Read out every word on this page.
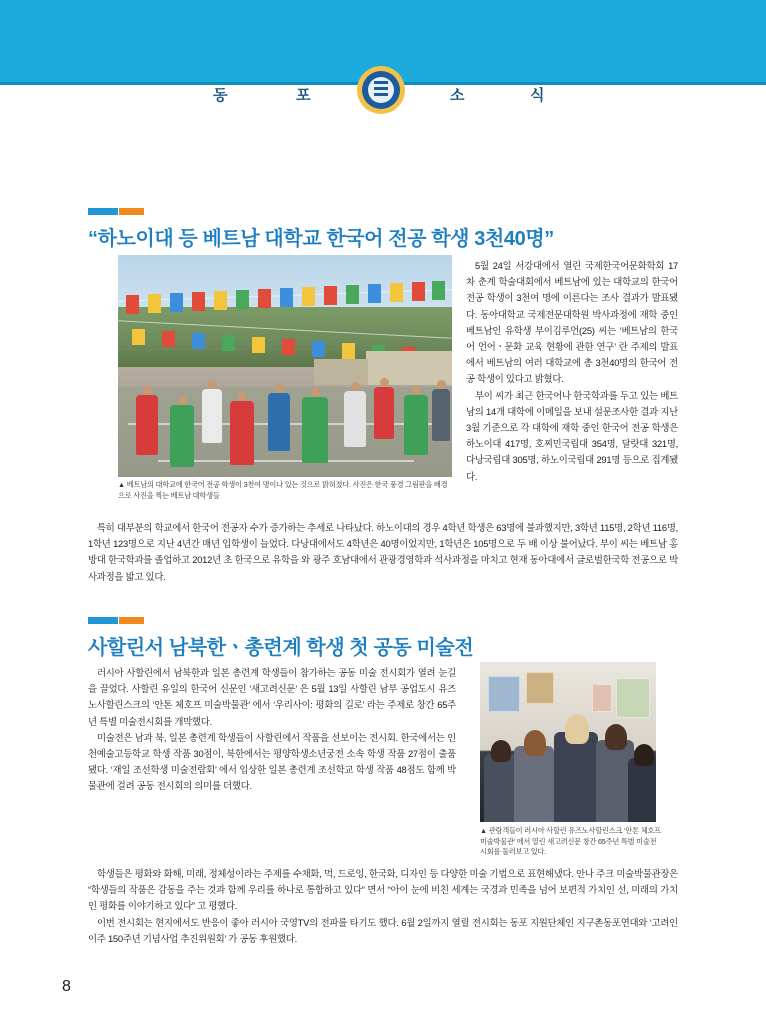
동	포	소	식
“하노이대 등 베트남 대학교 한국어 전공 학생 3천40명”
▲ 베트남의 대학교에 한국어 전공 학생이 3천여 명이나 있는 것으로 밝혀졌다. 사진은 한국 풍경 그림판을 배경으로 사진을 찍는 베트남 대학생들

5월 24일 서강대에서 열린 국제한국어문화학회 17차 춘계 학술대회에서 베트남에 있는 대학교의 한국어 전공 학생이 3천여 명에 이른다는 조사 결과가 발표됐다. 동아대학교 국제전문대학원 박사과정에 재학 중인 베트남인 유학생 부이김루언(25) 씨는 ‘베트남의 한국어 언어ㆍ문화 교육 현황에 관한 연구’ 란 주제의 발표에서 베트남의 여러 대학교에 총 3천40명의 한국어 전공 학생이 있다고 밝혔다.

부이 씨가 최근 한국어나 한국학과를 두고 있는 베트남의 14개 대학에 이메일을 보내 설문조사한 결과 지난 3월 기준으로 각 대학에 재학 중인 한국어 전공 학생은 하노이대 417명, 호찌민국립대 354명, 달랏대 321명, 다낭국립대 305명, 하노이국립대 291명 등으로 집계됐다.

특히 대부분의 학교에서 한국어 전공자 수가 증가하는 추세로 나타났다. 하노이대의 경우 4학년 학생은 63명에 불과했지만, 3학년 115명, 2학년 116명, 1학년 123명으로 지난 4년간 매년 입학생이 늘었다. 다낭대에서도 4학년은 40명이었지만, 1학년은 105명으로 두 배 이상 불어났다. 부이 씨는 베트남 홍방대 한국학과를 졸업하고 2012년 초 한국으로 유학을 와 광주 호남대에서 관광경영학과 석사과정을 마치고 현재 동아대에서 글로벌한국학 전공으로 박사과정을 밟고 있다.

사할린서 남북한ㆍ총련계 학생 첫 공동 미술전
▲ 관람객들이 러시아 사할린 유즈노사할린스크 ‘안톤 체호프 미술박물관’ 에서 열린 새고려신문 창간 65주년 특별 미술전시회를 둘러보고 있다.

러시아 사할린에서 남북한과 일본 총련계 학생들이 참가하는 공동 미술 전시회가 열려 눈길을 끌었다. 사할린 유일의 한국어 신문인 ‘새고려신문’ 은 5월 13일 사할린 남부 공업도시 유즈노사할린스크의 ‘안톤 체호프 미술박물관’ 에서 ‘우리사이: 평화의 길로’ 라는 주제로 창간 65주년 특별 미술전시회를 개막했다.

미술전은 남과 북, 일본 총련계 학생들이 사할린에서 작품을 선보이는 전시회. 한국에서는 인천예술고등학교 학생 작품 30점이, 북한에서는 평양학생소년궁전 소속 학생 작품 27점이 출품됐다. ‘재일 조선학생 미술전람회’ 에서 입상한 일본 총련계 조선학교 학생 작품 48점도 함께 박물관에 걸려 공동 전시회의 의미를 더했다.

학생들은 평화와 화해, 미래, 정체성이라는 주제를 수채화, 먹, 드로잉, 한국화, 디자인 등 다양한 미술 기법으로 표현해냈다. 안나 주크 미술박물관장은 “학생들의 작품은 감동을 주는 것과 함께 우리를 하나로 통합하고 있다” 면서 “아이 눈에 비친 세계는 국경과 민족을 넘어 보편적 가치인 선, 미래의 가치인 평화를 이야기하고 있다” 고 평했다.

이번 전시회는 현지에서도 반응이 좋아 러시아 국영TV의 전파를 타기도 했다. 6월 2일까지 열릴 전시회는 동포 지원단체인 지구촌동포연대와 ‘고려인 이주 150주년 기념사업 추진위원회’ 가 공동 후원했다.

8
